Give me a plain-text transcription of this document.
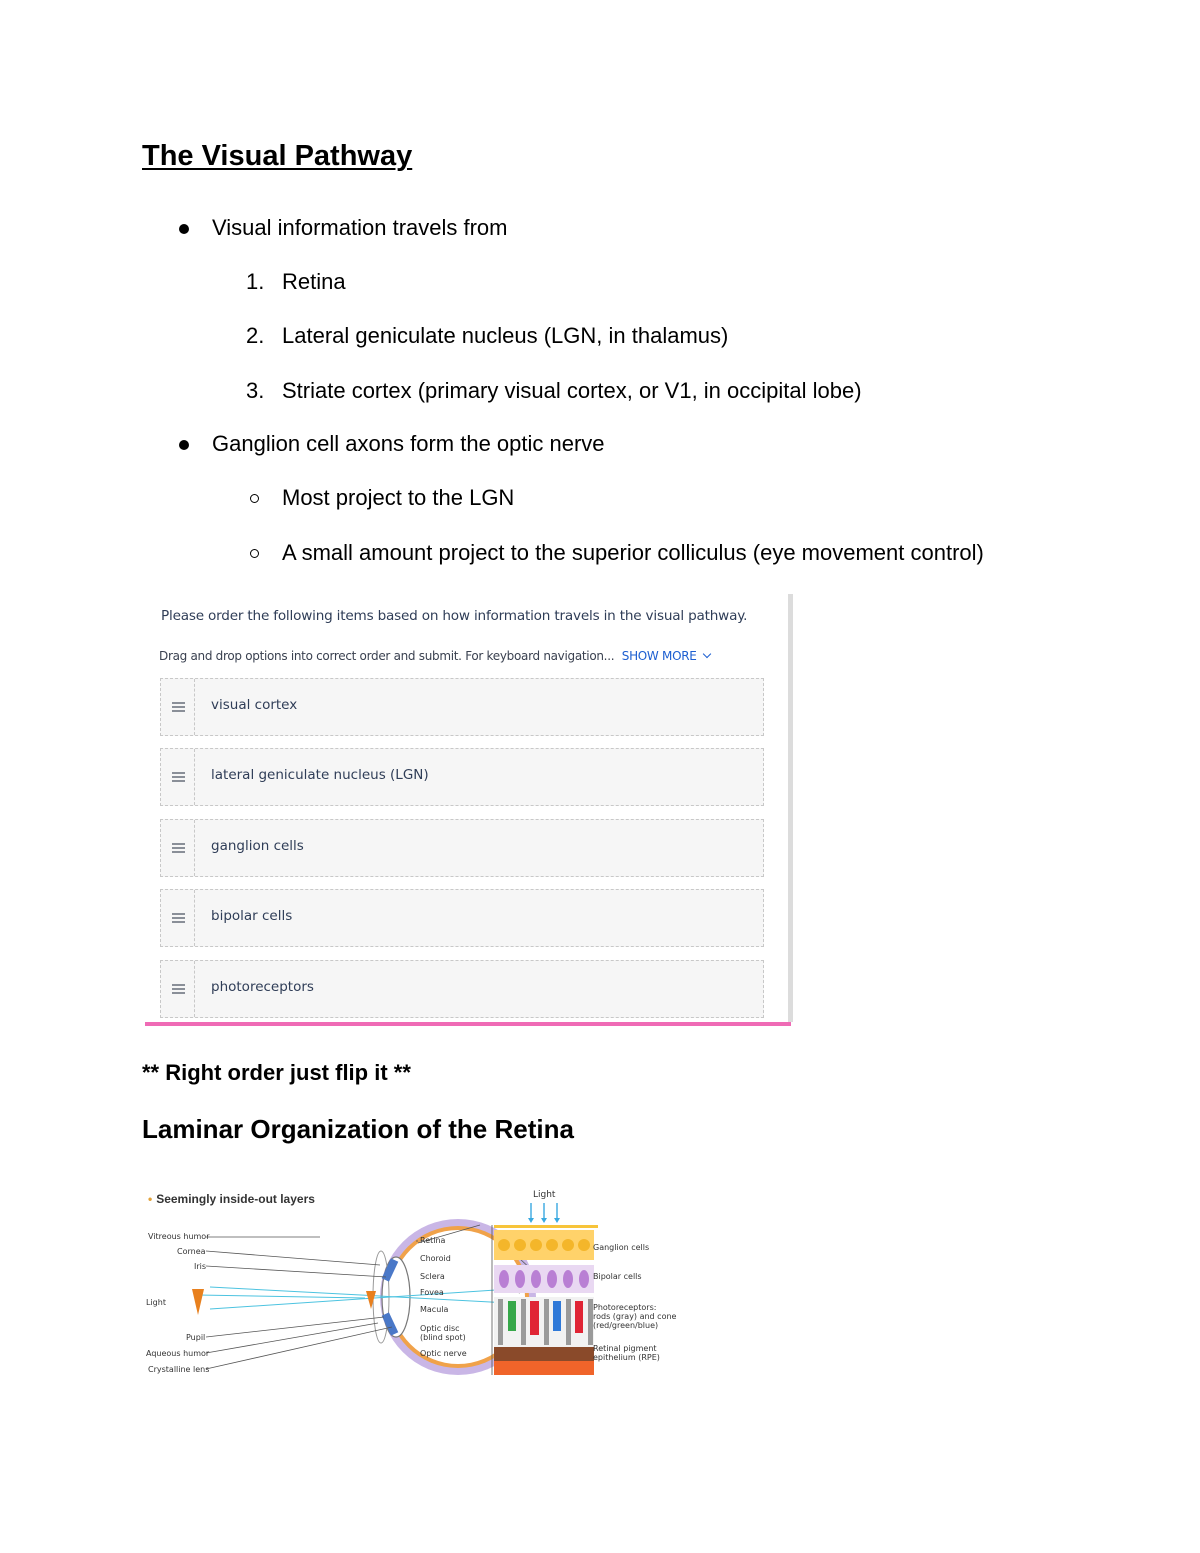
The Visual Pathway
Visual information travels from
1. Retina
2. Lateral geniculate nucleus (LGN, in thalamus)
3. Striate cortex (primary visual cortex, or V1, in occipital lobe)
Ganglion cell axons form the optic nerve
Most project to the LGN
A small amount project to the superior colliculus (eye movement control)
Please order the following items based on how information travels in the visual pathway.
Drag and drop options into correct order and submit. For keyboard navigation... SHOW MORE
visual cortex
lateral geniculate nucleus (LGN)
ganglion cells
bipolar cells
photoreceptors

** Right order just flip it **

Laminar Organization of the Retina
• Seemingly inside-out layers
Vitreous humor
Cornea
Iris
Light
Pupil
Aqueous humor
Crystalline lens
Retina
Choroid
Sclera
Fovea
Macula
Optic disc
(blind spot)
Optic nerve
Light
Ganglion cells
Bipolar cells
Photoreceptors:
rods (gray) and cone
(red/green/blue)
Retinal pigment
epithelium (RPE)
